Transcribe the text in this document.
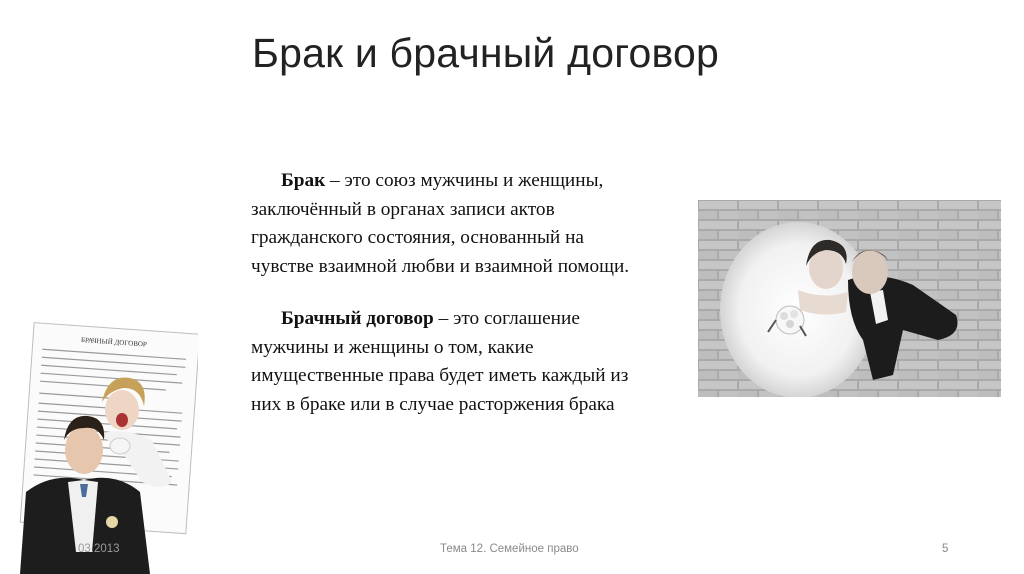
Брак и брачный договор
Брак – это союз мужчины и женщины,
заключённый в органах записи актов
гражданского состояния, основанный на
чувстве взаимной любви и взаимной помощи.
Брачный договор – это соглашение
мужчины и женщины о том, какие
имущественные права будет иметь каждый из
них в браке или в случае расторжения брака
БРАЧНЫЙ ДОГОВОР
03.2013	Тема 12. Семейное право	5
